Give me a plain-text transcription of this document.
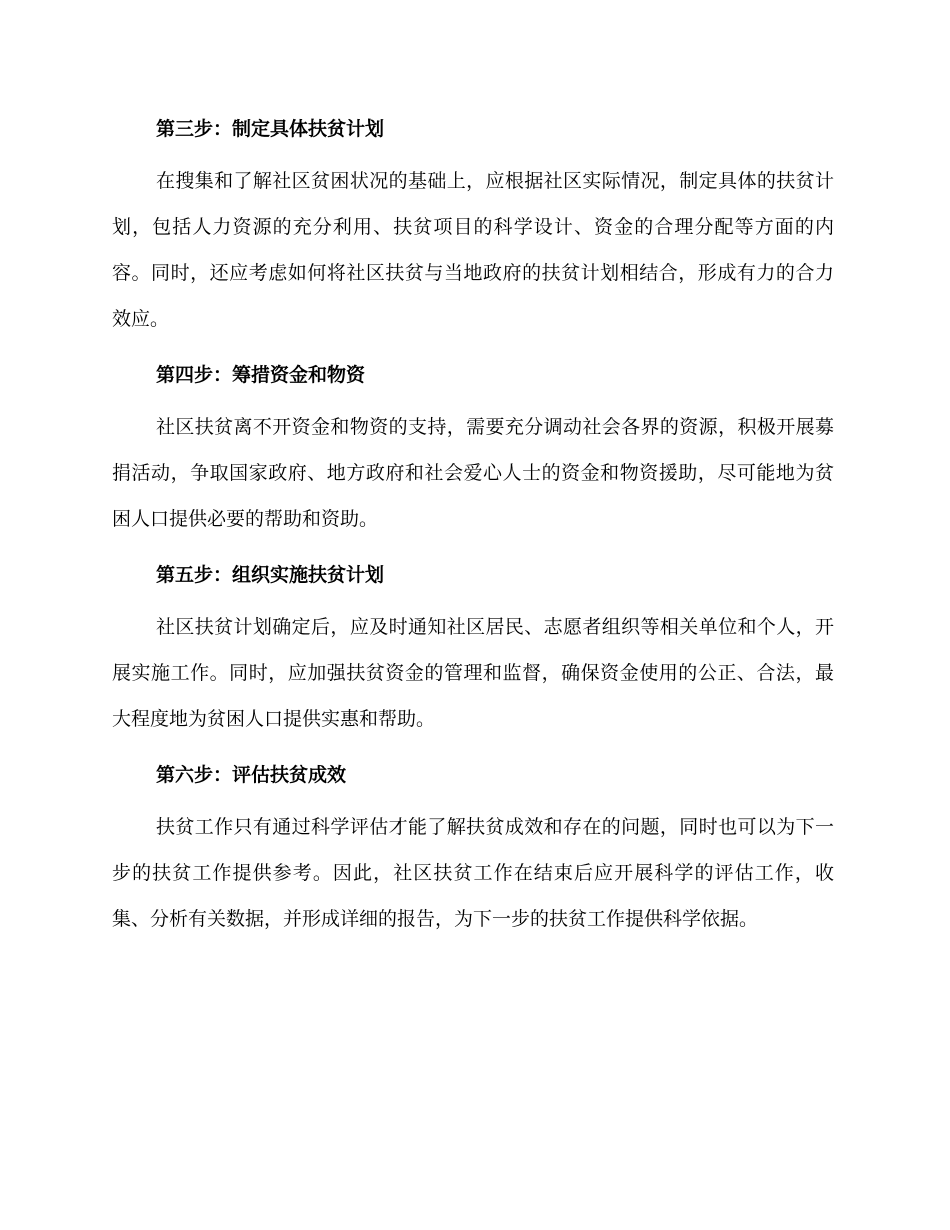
第三步：制定具体扶贫计划
在搜集和了解社区贫困状况的基础上，应根据社区实际情况，制定具体的扶贫计划，包括人力资源的充分利用、扶贫项目的科学设计、资金的合理分配等方面的内容。同时，还应考虑如何将社区扶贫与当地政府的扶贫计划相结合，形成有力的合力效应。
第四步：筹措资金和物资
社区扶贫离不开资金和物资的支持，需要充分调动社会各界的资源，积极开展募捐活动，争取国家政府、地方政府和社会爱心人士的资金和物资援助，尽可能地为贫困人口提供必要的帮助和资助。
第五步：组织实施扶贫计划
社区扶贫计划确定后，应及时通知社区居民、志愿者组织等相关单位和个人，开展实施工作。同时，应加强扶贫资金的管理和监督，确保资金使用的公正、合法，最大程度地为贫困人口提供实惠和帮助。
第六步：评估扶贫成效
扶贫工作只有通过科学评估才能了解扶贫成效和存在的问题，同时也可以为下一步的扶贫工作提供参考。因此，社区扶贫工作在结束后应开展科学的评估工作，收集、分析有关数据，并形成详细的报告，为下一步的扶贫工作提供科学依据。
